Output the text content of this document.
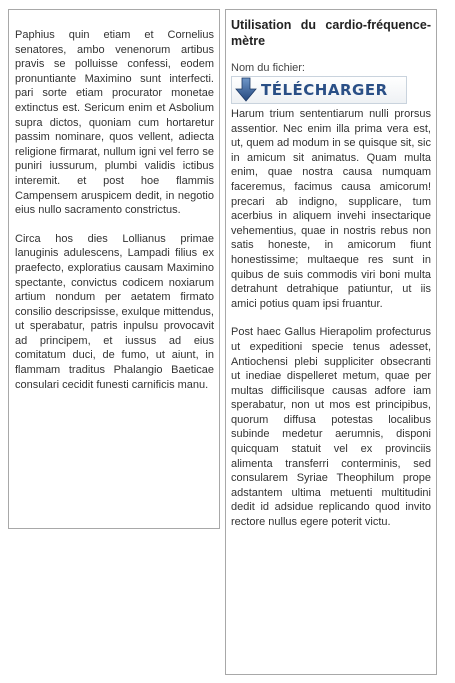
Paphius quin etiam et Cornelius senatores, ambo venenorum artibus pravis se polluisse confessi, eodem pronuntiante Maximino sunt interfecti. pari sorte etiam procurator monetae extinctus est. Sericum enim et Asbolium supra dictos, quoniam cum hortaretur passim nominare, quos vellent, adiecta religione firmarat, nullum igni vel ferro se puniri iussurum, plumbi validis ictibus interemit. et post hoe flammis Campensem aruspicem dedit, in negotio eius nullo sacramento constrictus.

Circa hos dies Lollianus primae lanuginis adulescens, Lampadi filius ex praefecto, exploratius causam Maximino spectante, convictus codicem noxiarum artium nondum per aetatem firmato consilio descripsisse, exulque mittendus, ut sperabatur, patris inpulsu provocavit ad principem, et iussus ad eius comitatum duci, de fumo, ut aiunt, in flammam traditus Phalangio Baeticae consulari cecidit funesti carnificis manu.

Utilisation du cardio-fréquence-mètre
Nom du fichier:
TÉLÉCHARGER

Harum trium sententiarum nulli prorsus assentior. Nec enim illa prima vera est, ut, quem ad modum in se quisque sit, sic in amicum sit animatus. Quam multa enim, quae nostra causa numquam faceremus, facimus causa amicorum! precari ab indigno, supplicare, tum acerbius in aliquem invehi insectarique vehementius, quae in nostris rebus non satis honeste, in amicorum fiunt honestissime; multaeque res sunt in quibus de suis commodis viri boni multa detrahunt detrahique patiuntur, ut iis amici potius quam ipsi fruantur.

Post haec Gallus Hierapolim profecturus ut expeditioni specie tenus adesset, Antiochensi plebi suppliciter obsecranti ut inediae dispelleret metum, quae per multas difficilisque causas adfore iam sperabatur, non ut mos est principibus, quorum diffusa potestas localibus subinde medetur aerumnis, disponi quicquam statuit vel ex provinciis alimenta transferri conterminis, sed consularem Syriae Theophilum prope adstantem ultima metuenti multitudini dedit id adsidue replicando quod invito rectore nullus egere poterit victu.
